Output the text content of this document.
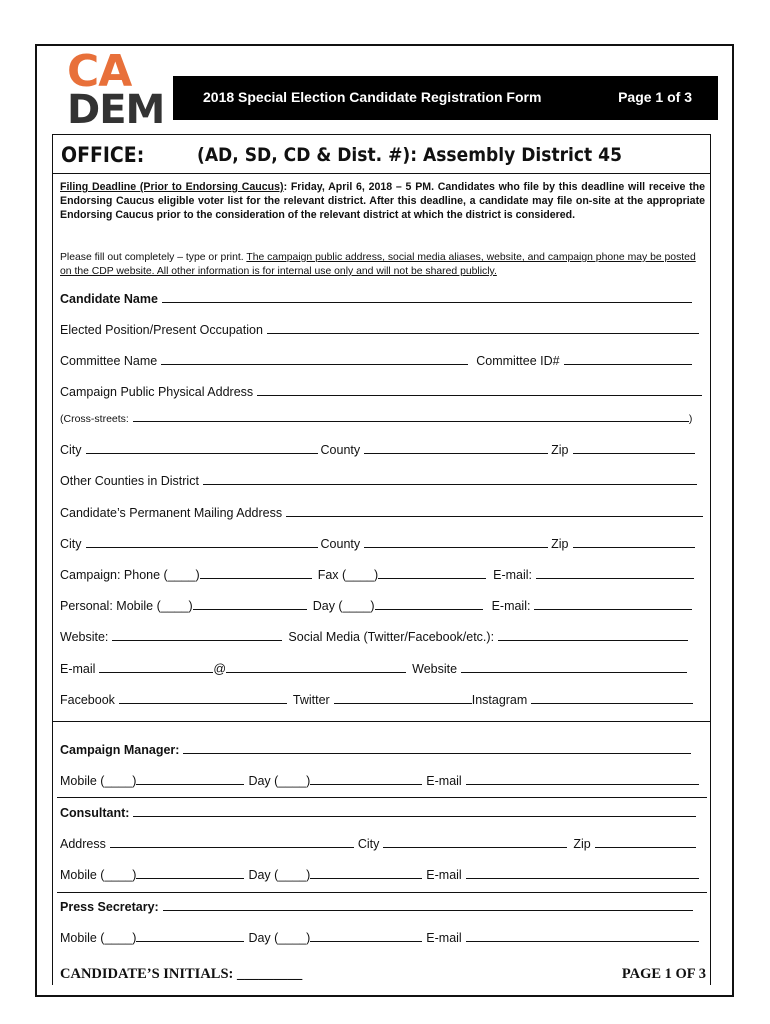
CA
DEM	2018 Special Election Candidate Registration Form	Page 1 of 3
OFFICE:	(AD, SD, CD & Dist. #): Assembly District 45
Filing Deadline (Prior to Endorsing Caucus): Friday, April 6, 2018 – 5 PM. Candidates who file by this deadline will receive the Endorsing Caucus eligible voter list for the relevant district. After this deadline, a candidate may file on-site at the appropriate Endorsing Caucus prior to the consideration of the relevant district at which the district is considered.
Please fill out completely – type or print. The campaign public address, social media aliases, website, and campaign phone may be posted on the CDP website. All other information is for internal use only and will not be shared publicly.
Candidate Name
Elected Position/Present Occupation
Committee Name	Committee ID#
Campaign Public Physical Address
(Cross-streets:	)
City	County	Zip
Other Counties in District
Candidate’s Permanent Mailing Address
City	County	Zip
Campaign: Phone (____)	Fax (____)	E-mail:
Personal: Mobile (____)	Day (____)	E-mail:
Website:	Social Media (Twitter/Facebook/etc.):
E-mail	@	Website
Facebook	Twitter	Instagram
Campaign Manager:
Mobile (____)	Day (____)	E-mail
Consultant:
Address	City	Zip
Mobile (____)	Day (____)	E-mail
Press Secretary:
Mobile (____)	Day (____)	E-mail
CANDIDATE’S INITIALS: _________	PAGE 1 OF 3
